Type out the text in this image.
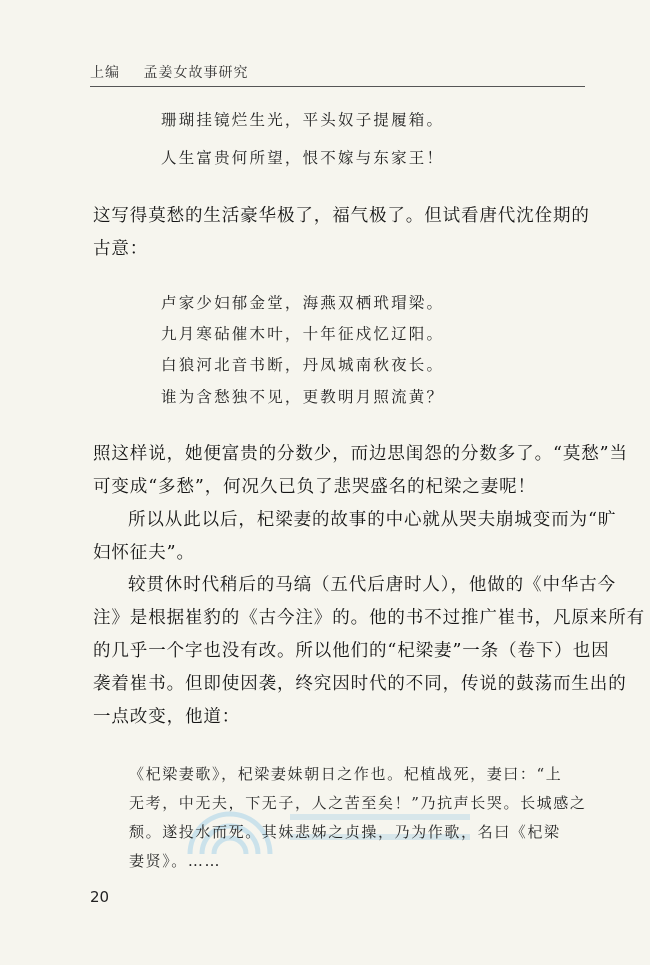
上编 孟姜女故事研究
珊瑚挂镜烂生光，平头奴子提履箱。
人生富贵何所望，恨不嫁与东家王！
这写得莫愁的生活豪华极了，福气极了。但试看唐代沈佺期的
古意：
卢家少妇郁金堂，海燕双栖玳瑁梁。
九月寒砧催木叶，十年征戍忆辽阳。
白狼河北音书断，丹凤城南秋夜长。
谁为含愁独不见，更教明月照流黄？
照这样说，她便富贵的分数少，而边思闺怨的分数多了。“莫愁”当
可变成“多愁”，何况久已负了悲哭盛名的杞梁之妻呢！
所以从此以后，杞梁妻的故事的中心就从哭夫崩城变而为“旷
妇怀征夫”。
较贯休时代稍后的马缟（五代后唐时人），他做的《中华古今
注》是根据崔豹的《古今注》的。他的书不过推广崔书，凡原来所有
的几乎一个字也没有改。所以他们的“杞梁妻”一条（卷下）也因
袭着崔书。但即使因袭，终究因时代的不同，传说的鼓荡而生出的
一点改变，他道：
《杞梁妻歌》，杞梁妻妹朝日之作也。杞植战死，妻曰：“上
无考，中无夫，下无子，人之苦至矣！”乃抗声长哭。长城感之
颓。遂投水而死。其妹悲姊之贞操，乃为作歌，名曰《杞梁
妻贤》。……
20
